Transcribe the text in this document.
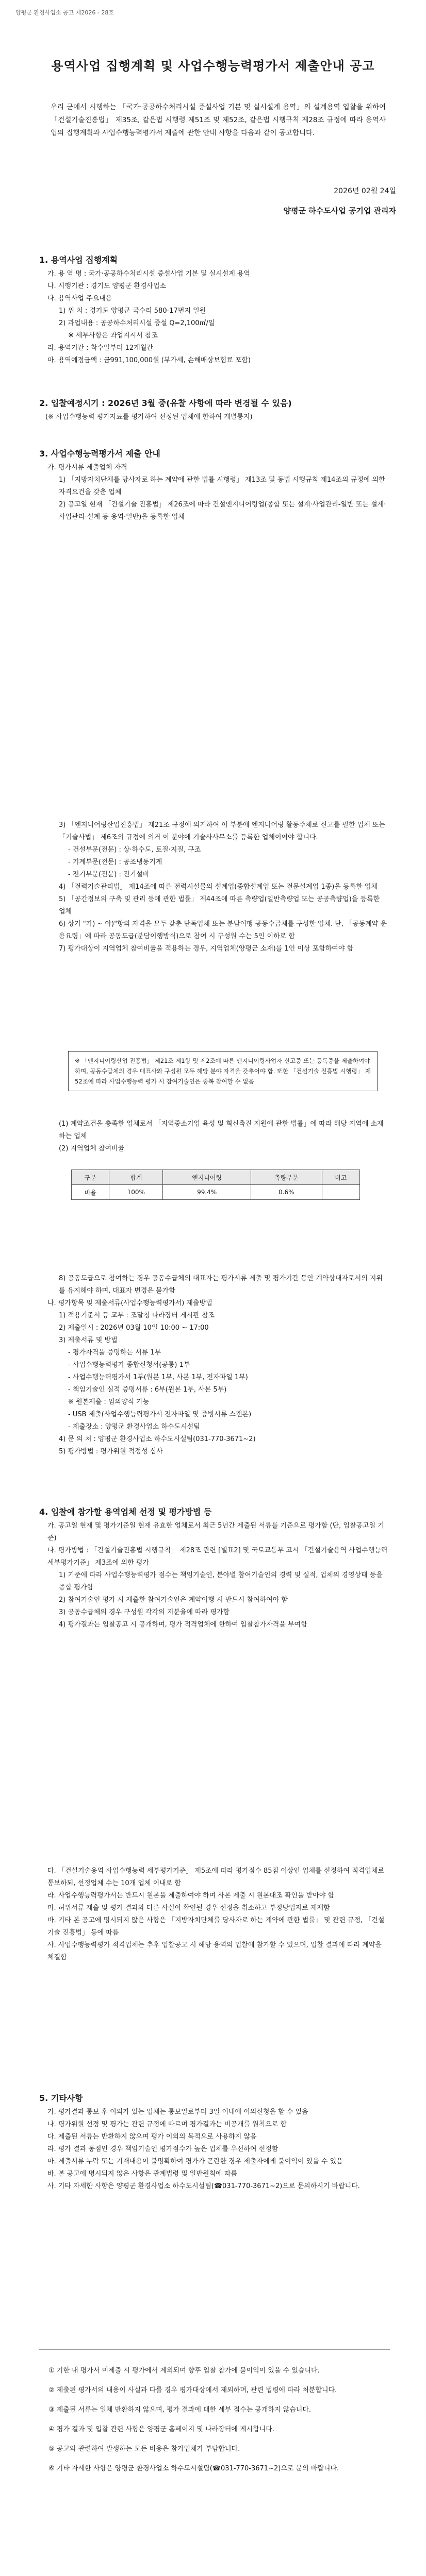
양평군 환경사업소 공고 제2026 - 28호
용역사업 집행계획 및 사업수행능력평가서 제출안내 공고
우리 군에서 시행하는 「국가·공공하수처리시설 증설사업 기본 및 실시설계 용역」의 설계용역 입찰을 위하여 「건설기술진흥법」 제35조, 같은법 시행령 제51조 및 제52조, 같은법 시행규칙 제28조 규정에 따라 용역사업의 집행계획과 사업수행능력평가서 제출에 관한 안내 사항을 다음과 같이 공고합니다.
2026년 02월 24일
양평군 하수도사업 공기업 관리자
1. 용역사업 집행계획

가. 용 역 명 : 국가·공공하수처리시설 증설사업 기본 및 실시설계 용역

나. 시행기관 : 경기도 양평군 환경사업소

다. 용역사업 주요내용

1) 위 치 : 경기도 양평군 국수리 580-17번지 일원

2) 과업내용 : 공공하수처리시설 증설 Q=2,100㎥/일

※ 세부사항은 과업지시서 참조

라. 용역기간 : 착수일부터 12개월간

마. 용역예정금액 : 금991,100,000원 (부가세, 손해배상보험료 포함)

2. 입찰예정시기 : 2026년 3월 중(유찰 사항에 따라 변경될 수 있음)
(※ 사업수행능력 평가자료를 평가하여 선정된 업체에 한하여 개별통지)
3. 사업수행능력평가서 제출 안내

가. 평가서류 제출업체 자격

1) 「지방자치단체를 당사자로 하는 계약에 관한 법률 시행령」 제13조 및 동법 시행규칙 제14조의 규정에 의한 자격요건을 갖춘 업체

2) 공고일 현재 「건설기술 진흥법」 제26조에 따라 건설엔지니어링업(종합 또는 설계·사업관리-일반 또는 설계·사업관리-설계 등 용역·일반)을 등록한 업체

3) 「엔지니어링산업진흥법」 제21조 규정에 의거하여 이 부분에 엔지니어링 활동주체로 신고를 필한 업체 또는 「기술사법」 제6조의 규정에 의거 이 분야에 기술사사무소를 등록한 업체이어야 합니다.

- 건설부문(전문) : 상·하수도, 토질·지질, 구조

- 기계부문(전문) : 공조냉동기계

- 전기부문(전문) : 전기설비

4) 「전력기술관리법」 제14조에 따른 전력시설물의 설계업(종합설계업 또는 전문설계업 1종)을 등록한 업체

5) 「공간정보의 구축 및 관리 등에 관한 법률」 제44조에 따른 측량업(일반측량업 또는 공공측량업)을 등록한 업체

6) 상기 "가) ~ 아)"항의 자격을 모두 갖춘 단독업체 또는 분담이행 공동수급체를 구성한 업체. 단, 「공동계약 운용요령」에 따라 공동도급(분담이행방식)으로 참여 시 구성원 수는 5인 이하로 함

7) 평가대상이 지역업체 참여비율을 적용하는 경우, 지역업체(양평군 소재)를 1인 이상 포함하여야 함

※ 「엔지니어링산업 진흥법」 제21조 제1항 및 제2조에 따른 엔지니어링사업자 신고증 또는 등록증을 제출하여야 하며, 공동수급체의 경우 대표사와 구성원 모두 해당 분야 자격을 갖추어야 함. 또한 「건설기술 진흥법 시행령」 제52조에 따라 사업수행능력 평가 시 참여기술인은 중복 참여할 수 없음

(1) 계약조건을 충족한 업체로서 「지역중소기업 육성 및 혁신촉진 지원에 관한 법률」에 따라 해당 지역에 소재하는 업체

(2) 지역업체 참여비율

구분	합계	엔지니어링	측량부문	비고
비율	100%	99.4%	0.6%	

8) 공동도급으로 참여하는 경우 공동수급체의 대표자는 평가서류 제출 및 평가기간 동안 계약상대자로서의 지위를 유지해야 하며, 대표자 변경은 불가함

나. 평가항목 및 제출서류(사업수행능력평가서) 제출방법

1) 적용기준서 등 교부 : 조달청 나라장터 게시판 참조

2) 제출일시 : 2026년 03월 10일 10:00 ~ 17:00

3) 제출서류 및 방법

- 평가자격을 증명하는 서류 1부

- 사업수행능력평가 종합신청서(공통) 1부

- 사업수행능력평가서 1부(원본 1부, 사본 1부, 전자파일 1부)

- 책임기술인 실적 증명서류 : 6부(원본 1부, 사본 5부)

※ 원본제출 : 임의양식 가능

- USB 제출(사업수행능력평가서 전자파일 및 증빙서류 스캔본)

- 제출장소 : 양평군 환경사업소 하수도시설팀

4) 문 의 처 : 양평군 환경사업소 하수도시설팀(031-770-3671~2)

5) 평가방법 : 평가위원 적정성 심사

4. 입찰에 참가할 용역업체 선정 및 평가방법 등

가. 공고일 현재 및 평가기준일 현재 유효한 업체로서 최근 5년간 제출된 서류를 기준으로 평가함 (단, 입찰공고일 기준)

나. 평가방법 : 「건설기술진흥법 시행규칙」 제28조 관련 [별표2] 및 국토교통부 고시 「건설기술용역 사업수행능력 세부평가기준」 제3조에 의한 평가

1) 기준에 따라 사업수행능력평가 점수는 책임기술인, 분야별 참여기술인의 경력 및 실적, 업체의 경영상태 등을 종합 평가함

2) 참여기술인 평가 시 제출한 참여기술인은 계약이행 시 반드시 참여하여야 함

3) 공동수급체의 경우 구성원 각각의 지분율에 따라 평가함

4) 평가결과는 입찰공고 시 공개하며, 평가 적격업체에 한하여 입찰참가자격을 부여함

다. 「건설기술용역 사업수행능력 세부평가기준」 제5조에 따라 평가점수 85점 이상인 업체를 선정하여 적격업체로 통보하되, 선정업체 수는 10개 업체 이내로 함

라. 사업수행능력평가서는 반드시 원본을 제출하여야 하며 사본 제출 시 원본대조 확인을 받아야 함

마. 허위서류 제출 및 평가 결과와 다른 사실이 확인될 경우 선정을 취소하고 부정당업자로 제재함

바. 기타 본 공고에 명시되지 않은 사항은 「지방자치단체를 당사자로 하는 계약에 관한 법률」 및 관련 규정, 「건설기술 진흥법」 등에 따름

사. 사업수행능력평가 적격업체는 추후 입찰공고 시 해당 용역의 입찰에 참가할 수 있으며, 입찰 결과에 따라 계약을 체결함

5. 기타사항

가. 평가결과 통보 후 이의가 있는 업체는 통보일로부터 3일 이내에 이의신청을 할 수 있음

나. 평가위원 선정 및 평가는 관련 규정에 따르며 평가결과는 비공개를 원칙으로 함

다. 제출된 서류는 반환하지 않으며 평가 이외의 목적으로 사용하지 않음

라. 평가 결과 동점인 경우 책임기술인 평가점수가 높은 업체를 우선하여 선정함

마. 제출서류 누락 또는 기재내용이 불명확하여 평가가 곤란한 경우 제출자에게 불이익이 있을 수 있음

바. 본 공고에 명시되지 않은 사항은 관계법령 및 일반원칙에 따름

사. 기타 자세한 사항은 양평군 환경사업소 하수도시설팀(☎031-770-3671~2)으로 문의하시기 바랍니다.

① 기한 내 평가서 미제출 시 평가에서 제외되며 향후 입찰 참가에 불이익이 있을 수 있습니다.

② 제출된 평가서의 내용이 사실과 다를 경우 평가대상에서 제외하며, 관련 법령에 따라 처분합니다.

③ 제출된 서류는 일체 반환하지 않으며, 평가 결과에 대한 세부 점수는 공개하지 않습니다.

④ 평가 결과 및 입찰 관련 사항은 양평군 홈페이지 및 나라장터에 게시합니다.

⑤ 공고와 관련하여 발생하는 모든 비용은 참가업체가 부담합니다.

⑥ 기타 자세한 사항은 양평군 환경사업소 하수도시설팀(☎031-770-3671~2)으로 문의 바랍니다.
